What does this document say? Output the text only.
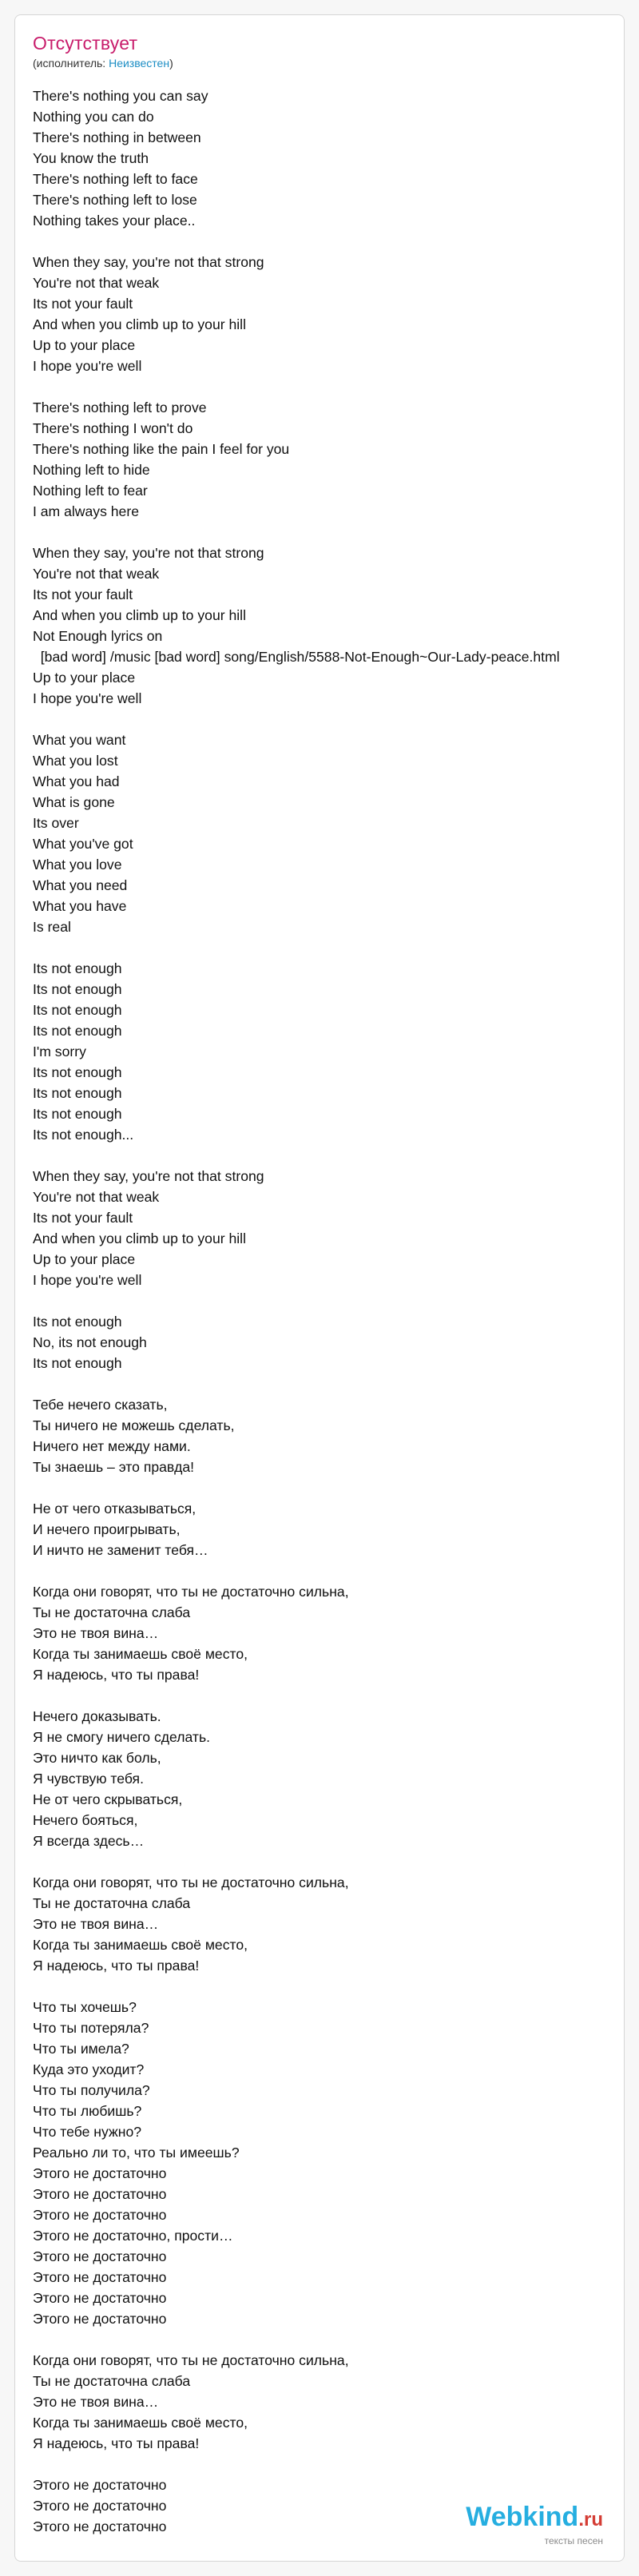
Отсутствует
(исполнитель: Неизвестен)
There's nothing you can say
Nothing you can do
There's nothing in between
You know the truth
There's nothing left to face
There's nothing left to lose
Nothing takes your place..
When they say, you're not that strong
You're not that weak
Its not your fault
And when you climb up to your hill
Up to your place
I hope you're well
There's nothing left to prove
There's nothing I won't do
There's nothing like the pain I feel for you
Nothing left to hide
Nothing left to fear
I am always here
When they say, you're not that strong
You're not that weak
Its not your fault
And when you climb up to your hill
Not Enough lyrics on
[bad word] /music [bad word] song/English/5588-Not-Enough~Our-Lady-peace.html
Up to your place
I hope you're well
What you want
What you lost
What you had
What is gone
Its over
What you've got
What you love
What you need
What you have
Is real
Its not enough
Its not enough
Its not enough
Its not enough
I'm sorry
Its not enough
Its not enough
Its not enough
Its not enough...
When they say, you're not that strong
You're not that weak
Its not your fault
And when you climb up to your hill
Up to your place
I hope you're well
Its not enough
No, its not enough
Its not enough
Тебе нечего сказать,
Ты ничего не можешь сделать,
Ничего нет между нами.
Ты знаешь – это правда!
Не от чего отказываться,
И нечего проигрывать,
И ничто не заменит тебя…
Когда они говорят, что ты не достаточно сильна,
Ты не достаточна слаба
Это не твоя вина…
Когда ты занимаешь своё место,
Я надеюсь, что ты права!
Нечего доказывать.
Я не смогу ничего сделать.
Это ничто как боль,
Я чувствую тебя.
Не от чего скрываться,
Нечего бояться,
Я всегда здесь…
Когда они говорят, что ты не достаточно сильна,
Ты не достаточна слаба
Это не твоя вина…
Когда ты занимаешь своё место,
Я надеюсь, что ты права!
Что ты хочешь?
Что ты потеряла?
Что ты имела?
Куда это уходит?
Что ты получила?
Что ты любишь?
Что тебе нужно?
Реально ли то, что ты имеешь?
Этого не достаточно
Этого не достаточно
Этого не достаточно
Этого не достаточно, прости…
Этого не достаточно
Этого не достаточно
Этого не достаточно
Этого не достаточно
Когда они говорят, что ты не достаточно сильна,
Ты не достаточна слаба
Это не твоя вина…
Когда ты занимаешь своё место,
Я надеюсь, что ты права!
Этого не достаточно
Этого не достаточно
Этого не достаточно	Webkind.ru
тексты песен
